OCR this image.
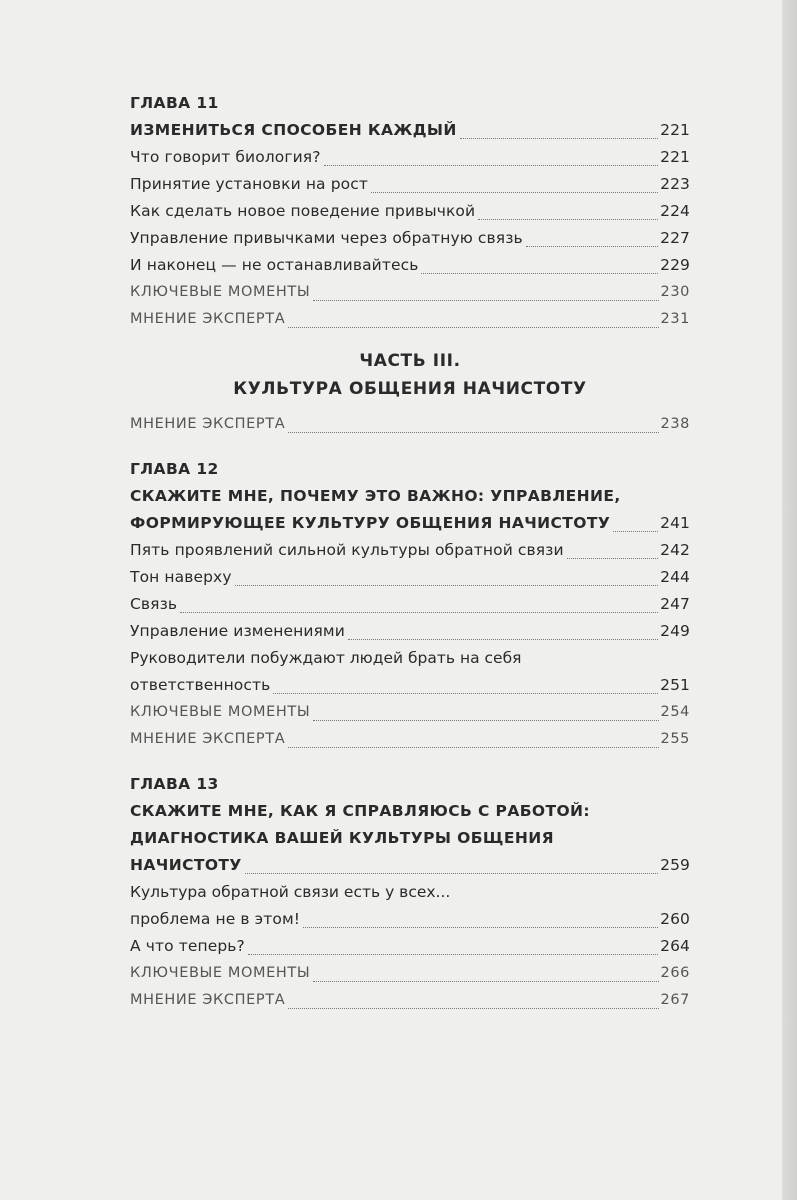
ГЛАВА 11
ИЗМЕНИТЬСЯ СПОСОБЕН КАЖДЫЙ	221
Что говорит биология?	221
Принятие установки на рост	223
Как сделать новое поведение привычкой	224
Управление привычками через обратную связь	227
И наконец — не останавливайтесь	229
КЛЮЧЕВЫЕ МОМЕНТЫ	230
МНЕНИЕ ЭКСПЕРТА	231
ЧАСТЬ III.
КУЛЬТУРА ОБЩЕНИЯ НАЧИСТОТУ
МНЕНИЕ ЭКСПЕРТА	238
ГЛАВА 12
СКАЖИТЕ МНЕ, ПОЧЕМУ ЭТО ВАЖНО: УПРАВЛЕНИЕ,
ФОРМИРУЮЩЕЕ КУЛЬТУРУ ОБЩЕНИЯ НАЧИСТОТУ	241
Пять проявлений сильной культуры обратной связи	242
Тон наверху	244
Связь	247
Управление изменениями	249
Руководители побуждают людей брать на себя
ответственность	251
КЛЮЧЕВЫЕ МОМЕНТЫ	254
МНЕНИЕ ЭКСПЕРТА	255
ГЛАВА 13
СКАЖИТЕ МНЕ, КАК Я СПРАВЛЯЮСЬ С РАБОТОЙ:
ДИАГНОСТИКА ВАШЕЙ КУЛЬТУРЫ ОБЩЕНИЯ
НАЧИСТОТУ	259
Культура обратной связи есть у всех...
проблема не в этом!	260
А что теперь?	264
КЛЮЧЕВЫЕ МОМЕНТЫ	266
МНЕНИЕ ЭКСПЕРТА	267
